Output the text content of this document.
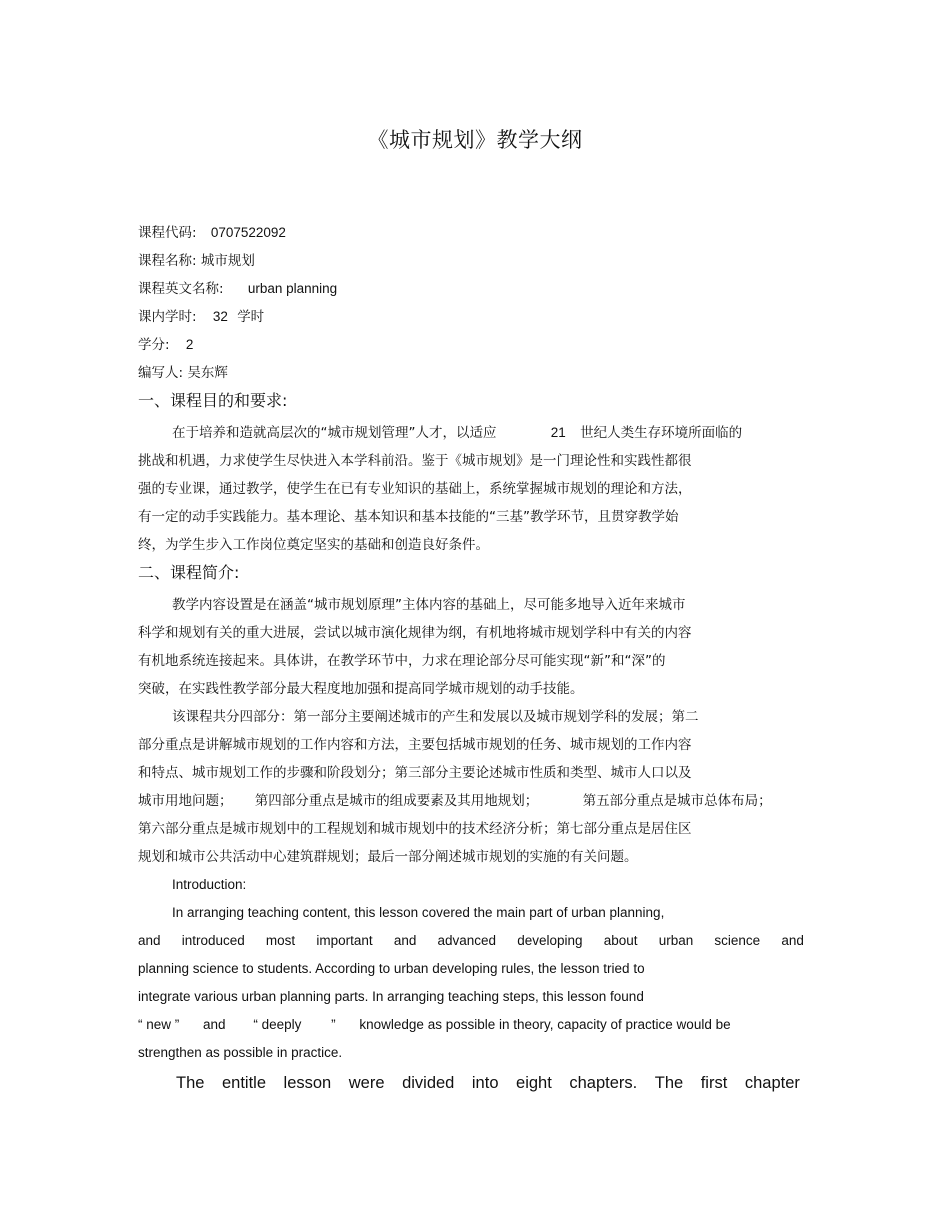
《城市规划》教学大纲
课程代码: 0707522092
课程名称: 城市规划
课程英文名称: urban planning
课内学时: 32 学时
学分: 2
编写人: 吴东辉
一、课程目的和要求:
在于培养和造就高层次的“城市规划管理”人才，以适应	21 世纪人类生存环境所面临的
挑战和机遇，力求使学生尽快进入本学科前沿。鉴于《城市规划》是一门理论性和实践性都很
强的专业课，通过教学，使学生在已有专业知识的基础上，系统掌握城市规划的理论和方法，
有一定的动手实践能力。基本理论、基本知识和基本技能的“三基”教学环节，且贯穿教学始
终，为学生步入工作岗位奠定坚实的基础和创造良好条件。
二、课程简介:
教学内容设置是在涵盖“城市规划原理”主体内容的基础上，尽可能多地导入近年来城市
科学和规划有关的重大进展，尝试以城市演化规律为纲，有机地将城市规划学科中有关的内容
有机地系统连接起来。具体讲，在教学环节中，力求在理论部分尽可能实现“新”和“深”的
突破，在实践性教学部分最大程度地加强和提高同学城市规划的动手技能。
该课程共分四部分：第一部分主要阐述城市的产生和发展以及城市规划学科的发展；第二
部分重点是讲解城市规划的工作内容和方法，主要包括城市规划的任务、城市规划的工作内容
和特点、城市规划工作的步骤和阶段划分；第三部分主要论述城市性质和类型、城市人口以及
城市用地问题； 第四部分重点是城市的组成要素及其用地规划；	第五部分重点是城市总体布局；
第六部分重点是城市规划中的工程规划和城市规划中的技术经济分析；第七部分重点是居住区
规划和城市公共活动中心建筑群规划；最后一部分阐述城市规划的实施的有关问题。
Introduction:
In arranging teaching content, this lesson covered the main part of urban planning,
and introduced most important and advanced developing about urban science and
planning science to students. According to urban developing rules, the lesson tried to
integrate various urban planning parts. In arranging teaching steps, this lesson found
“ new ” and “ deeply ” knowledge as possible in theory, capacity of practice would be
strengthen as possible in practice.
The entitle lesson were divided into eight chapters. The first chapter
